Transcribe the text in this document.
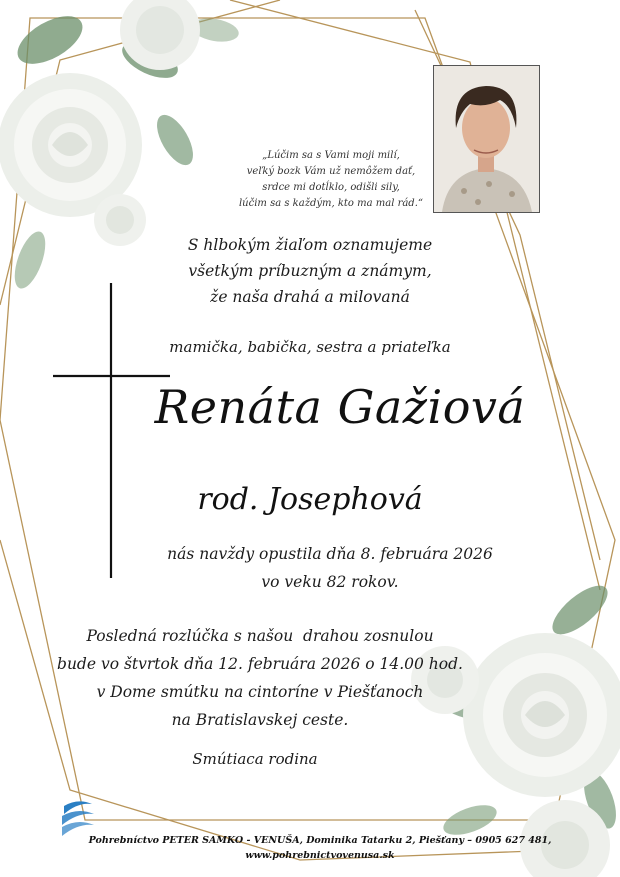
„Lúčim sa s Vami moji milí,
veľký bozk Vám už nemôžem dať,
srdce mi dotĺklo, odišli sily,
lúčim sa s každým, kto ma mal rád.“
S hlbokým žiaľom oznamujeme
všetkým príbuzným a známym,
že naša drahá a milovaná
mamička, babička, sestra a priateľka
Renáta Gažiová
rod. Josephová
nás navždy opustila dňa 8. februára 2026
vo veku 82 rokov.
Posledná rozlúčka s našou  drahou zosnulou
bude vo štvrtok dňa 12. februára 2026 o 14.00 hod.
v Dome smútku na cintoríne v Piešťanoch
na Bratislavskej ceste.
Smútiaca rodina
Pohrebníctvo PETER SAMKO - VENUŠA, Dominika Tatarku 2, Piešťany – 0905 627 481,
www.pohrebnictvovenusa.sk
